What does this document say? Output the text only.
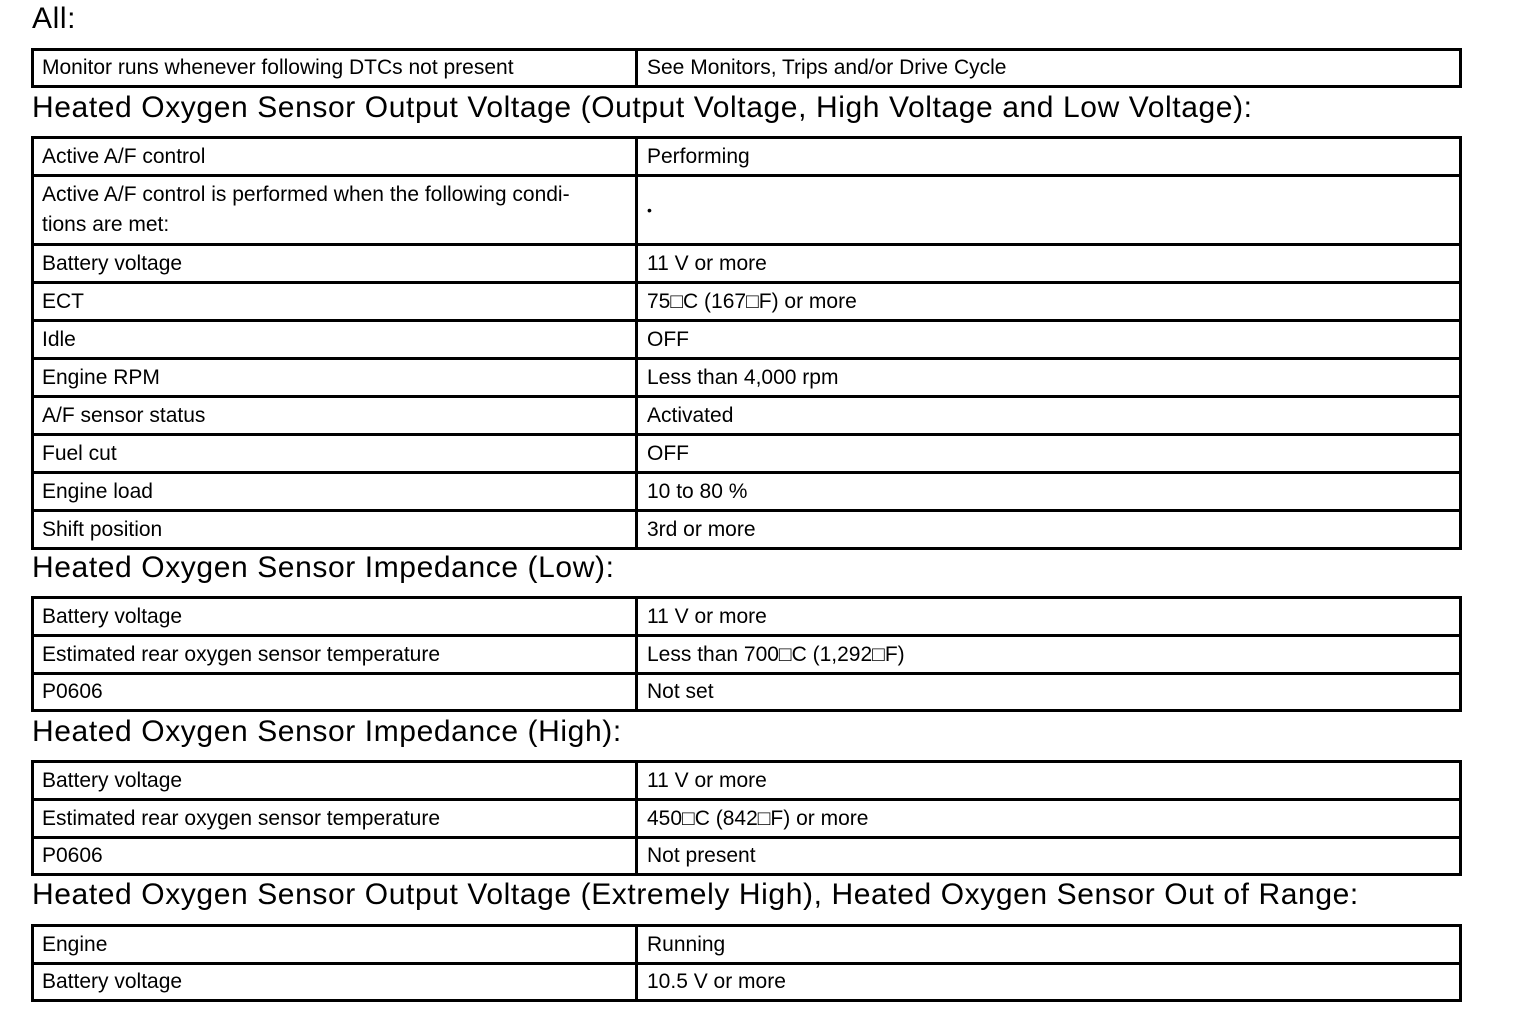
All:
Monitor runs whenever following DTCs not present	See Monitors, Trips and/or Drive Cycle
Heated Oxygen Sensor Output Voltage (Output Voltage, High Voltage and Low Voltage):
Active A/F control	Performing
Active A/F control is performed when the following condi-
tions are met:	•
Battery voltage	11 V or more
ECT	75□C (167□F) or more
Idle	OFF
Engine RPM	Less than 4,000 rpm
A/F sensor status	Activated
Fuel cut	OFF
Engine load	10 to 80 %
Shift position	3rd or more
Heated Oxygen Sensor Impedance (Low):
Battery voltage	11 V or more
Estimated rear oxygen sensor temperature	Less than 700□C (1,292□F)
P0606	Not set
Heated Oxygen Sensor Impedance (High):
Battery voltage	11 V or more
Estimated rear oxygen sensor temperature	450□C (842□F) or more
P0606	Not present
Heated Oxygen Sensor Output Voltage (Extremely High), Heated Oxygen Sensor Out of Range:
Engine	Running
Battery voltage	10.5 V or more
